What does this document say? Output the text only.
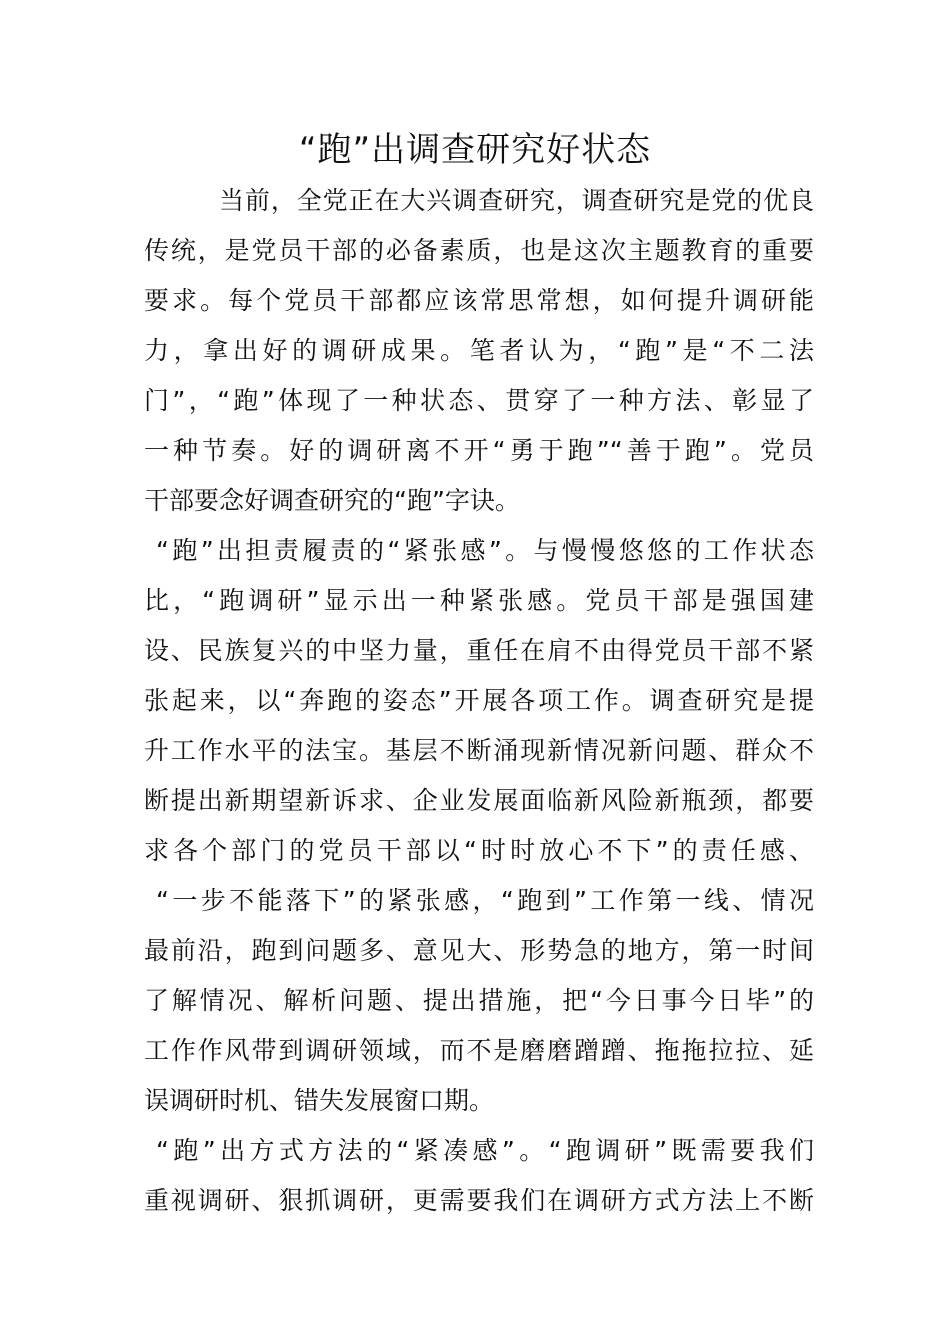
“跑”出调查研究好状态
当前，全党正在大兴调查研究，调查研究是党的优良
传统，是党员干部的必备素质，也是这次主题教育的重要
要求。每个党员干部都应该常思常想，如何提升调研能
力，拿出好的调研成果。笔者认为，“跑”是“不二法
门”，“跑”体现了一种状态、贯穿了一种方法、彰显了
一种节奏。好的调研离不开“勇于跑”“善于跑”。党员
干部要念好调查研究的“跑”字诀。
“跑”出担责履责的“紧张感”。与慢慢悠悠的工作状态
比，“跑调研”显示出一种紧张感。党员干部是强国建
设、民族复兴的中坚力量，重任在肩不由得党员干部不紧
张起来，以“奔跑的姿态”开展各项工作。调查研究是提
升工作水平的法宝。基层不断涌现新情况新问题、群众不
断提出新期望新诉求、企业发展面临新风险新瓶颈，都要
求各个部门的党员干部以“时时放心不下”的责任感、
“一步不能落下”的紧张感，“跑到”工作第一线、情况
最前沿，跑到问题多、意见大、形势急的地方，第一时间
了解情况、解析问题、提出措施，把“今日事今日毕”的
工作作风带到调研领域，而不是磨磨蹭蹭、拖拖拉拉、延
误调研时机、错失发展窗口期。
“跑”出方式方法的“紧凑感”。“跑调研”既需要我们
重视调研、狠抓调研，更需要我们在调研方式方法上不断
